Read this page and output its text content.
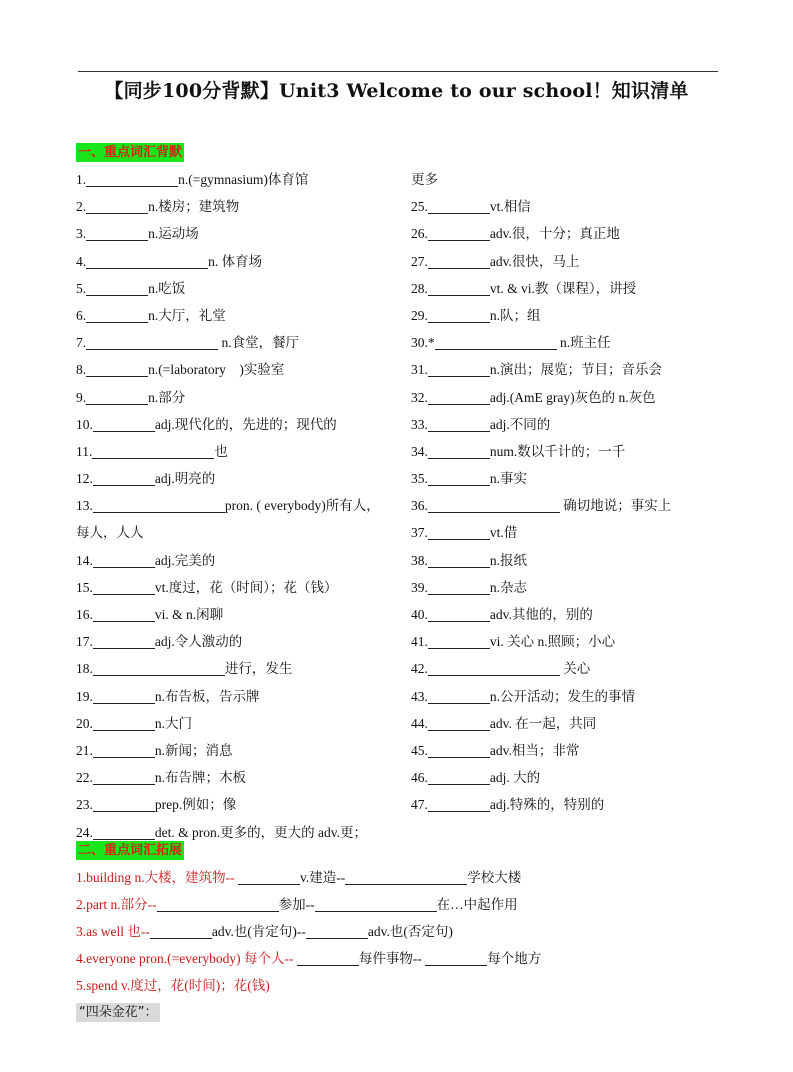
【同步100分背默】Unit3 Welcome to our school！知识清单
一、重点词汇背默
1.	n.(=gymnasium)体育馆
2.	n.楼房；建筑物
3.	n.运动场
4.	n. 体育场
5.	n.吃饭
6.	n.大厅，礼堂
7.	n.食堂，餐厅
8.	n.(=laboratory　)实验室
9.	n.部分
10.	adj.现代化的，先进的；现代的
11.	也
12.	adj.明亮的
13.	pron. ( everybody)所有人，
每人，人人
14.	adj.完美的
15.	vt.度过，花（时间）；花（钱）
16.	vi. & n.闲聊
17.	adj.令人激动的
18.	进行，发生
19.	n.布告板，告示牌
20.	n.大门
21.	n.新闻；消息
22.	n.布告牌；木板
23.	prep.例如；像
24.	det. & pron.更多的，更大的 adv.更；
更多
25.	vt.相信
26.	adv.很，十分；真正地
27.	adv.很快，马上
28.	vt. & vi.教（课程），讲授
29.	n.队；组
30.*	n.班主任
31.	n.演出；展览；节目；音乐会
32.	adj.(AmE gray)灰色的 n.灰色
33.	adj.不同的
34.	num.数以千计的；一千
35.	n.事实
36.	确切地说；事实上
37.	vt.借
38.	n.报纸
39.	n.杂志
40.	adv.其他的，别的
41.	vi. 关心 n.照顾；小心
42.	关心
43.	n.公开活动；发生的事情
44.	adv. 在一起，共同
45.	adv.相当；非常
46.	adj. 大的
47.	adj.特殊的，特别的
二、重点词汇拓展
1.building n.大楼，建筑物--	v.建造--	学校大楼
2.part n.部分--	参加--	在…中起作用
3.as well 也--	adv.也(肯定句)--	adv.也(否定句)
4.everyone pron.(=everybody) 每个人--	每件事物--	每个地方
5.spend v.度过，花(时间)；花(钱)
“四朵金花”：
